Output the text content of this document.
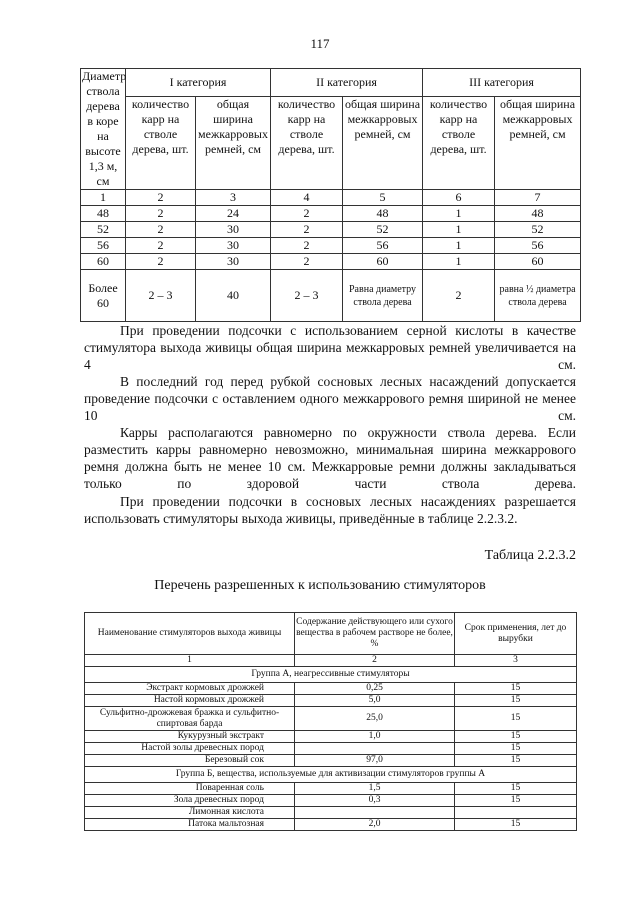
117
Диаметр ствола дерева в коре на высоте 1,3 м, см	I категория		II категория		III категория	
	количество карр на стволе дерева, шт.	общая ширина межкарровых ремней, см	количество карр на стволе дерева, шт.	общая ширина межкарровых ремней, см	количество карр на стволе дерева, шт.	общая ширина межкарровых ремней, см
1	2	3	4	5	6	7
48	2	24	2	48	1	48
52	2	30	2	52	1	52
56	2	30	2	56	1	56
60	2	30	2	60	1	60
Более 60	2 – 3	40	2 – 3	Равна диаметру ствола дерева	2	равна ½ диаметра ствола дерева

При проведении подсочки с использованием серной кислоты в качестве стимулятора выхода живицы общая ширина межкарровых ремней увеличивается на 4 см.

В последний год перед рубкой сосновых лесных насаждений допускается проведение подсочки с оставлением одного межкаррового ремня шириной не менее 10 см.

Карры располагаются равномерно по окружности ствола дерева. Если разместить карры равномерно невозможно, минимальная ширина межкаррового ремня должна быть не менее 10 см. Межкарровые ремни должны закладываться только по здоровой части ствола дерева.

При проведении подсочки в сосновых лесных насаждениях разрешается использовать стимуляторы выхода живицы, приведённые в таблице 2.2.3.2.

Таблица 2.2.3.2
Перечень разрешенных к использованию стимуляторов
Наименование стимуляторов выхода живицы	Содержание действующего или сухого вещества в рабочем растворе не более, %	Срок применения, лет до вырубки
1	2	3
Группа А, неагрессивные стимуляторы		
Экстракт кормовых дрожжей	0,25	15
Настой кормовых дрожжей	5,0	15
Сульфитно-дрожжевая бражка и сульфитно-спиртовая барда	25,0	15
Кукурузный экстракт	1,0	15
Настой золы древесных пород		15
Березовый сок	97,0	15
Группа Б, вещества, используемые для активизации стимуляторов группы А		
Поваренная соль	1,5	15
Зола древесных пород	0,3	15
Лимонная кислота		
Патока мальтозная	2,0	15
